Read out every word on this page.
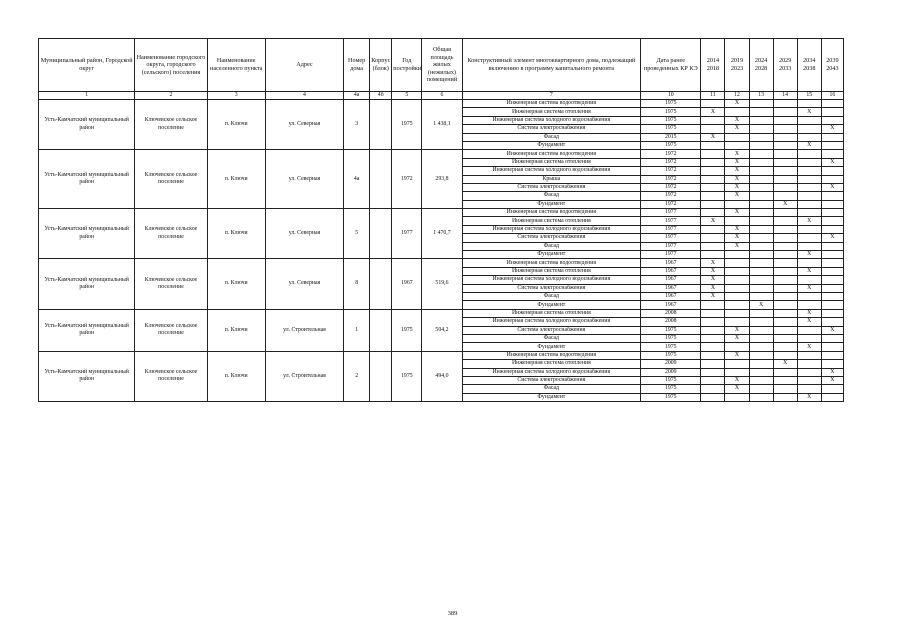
Муниципальный район, Городской округ	Наименование городского округа, городского (сельского) поселения	Наименование населенного пункта	Адрес	Номер дома	Корпус (блок)	Год постройки	Общая площадь жилых (нежилых) помещений	Конструктивный элемент многоквартирного дома, подлежащий включению в программу капитального ремонта	Дата ранее проведенных КР КЭ	2014 2018	2019 2023	2024 2028	2029 2033	2034 2038	2039 2043
1	2	3	4	4а	4б	5	6	7	10	11	12	13	14	15	16
Усть-Камчатский муниципальный район	Ключевское сельское поселение	п. Ключи	ул. Северная	3		1975	1 438,1	Инженерная система водоотведения	1975		X				
								Инженерная система отопления	1975	X				X	
								Инженерная система холодного водоснабжения	1975		X				
								Система электроснабжения	1975		X				X
								Фасад	2015	X					
								Фундамент	1975					X	
Усть-Камчатский муниципальный район	Ключевское сельское поселение	п. Ключи	ул. Северная	4а		1972	293,8	Инженерная система водоотведения	1972		X				
								Инженерная система отопления	1972		X				X
								Инженерная система холодного водоснабжения	1972		X				
								Крыша	1972		X				
								Система электроснабжения	1972		X				X
								Фасад	1972		X				
								Фундамент	1972				X		
Усть-Камчатский муниципальный район	Ключевское сельское поселение	п. Ключи	ул. Северная	5		1977	1 470,7	Инженерная система водоотведения	1977		X				
								Инженерная система отопления	1977	X				X	
								Инженерная система холодного водоснабжения	1977		X				
								Система электроснабжения	1977		X				X
								Фасад	1977		X				
								Фундамент	1977					X	
Усть-Камчатский муниципальный район	Ключевское сельское поселение	п. Ключи	ул. Северная	8		1967	519,6	Инженерная система водоотведения	1967	X					
								Инженерная система отопления	1967	X				X	
								Инженерная система холодного водоснабжения	1967	X					
								Система электроснабжения	1967	X				X	
								Фасад	1967	X					
								Фундамент	1967			X			
Усть-Камчатский муниципальный район	Ключевское сельское поселение	п. Ключи	ул. Строительная	1		1975	504,2	Инженерная система отопления	2008					X	
								Инженерная система холодного водоснабжения	2008					X	
								Система электроснабжения	1975		X				X
								Фасад	1975		X				
								Фундамент	1975					X	
Усть-Камчатский муниципальный район	Ключевское сельское поселение	п. Ключи	ул. Строительная	2		1975	494,0	Инженерная система водоотведения	1975		X				
								Инженерная система отопления	2009				X		
								Инженерная система холодного водоснабжения	2009						X
								Система электроснабжения	1975		X				X
								Фасад	1975		X				
								Фундамент	1975					X	
389
